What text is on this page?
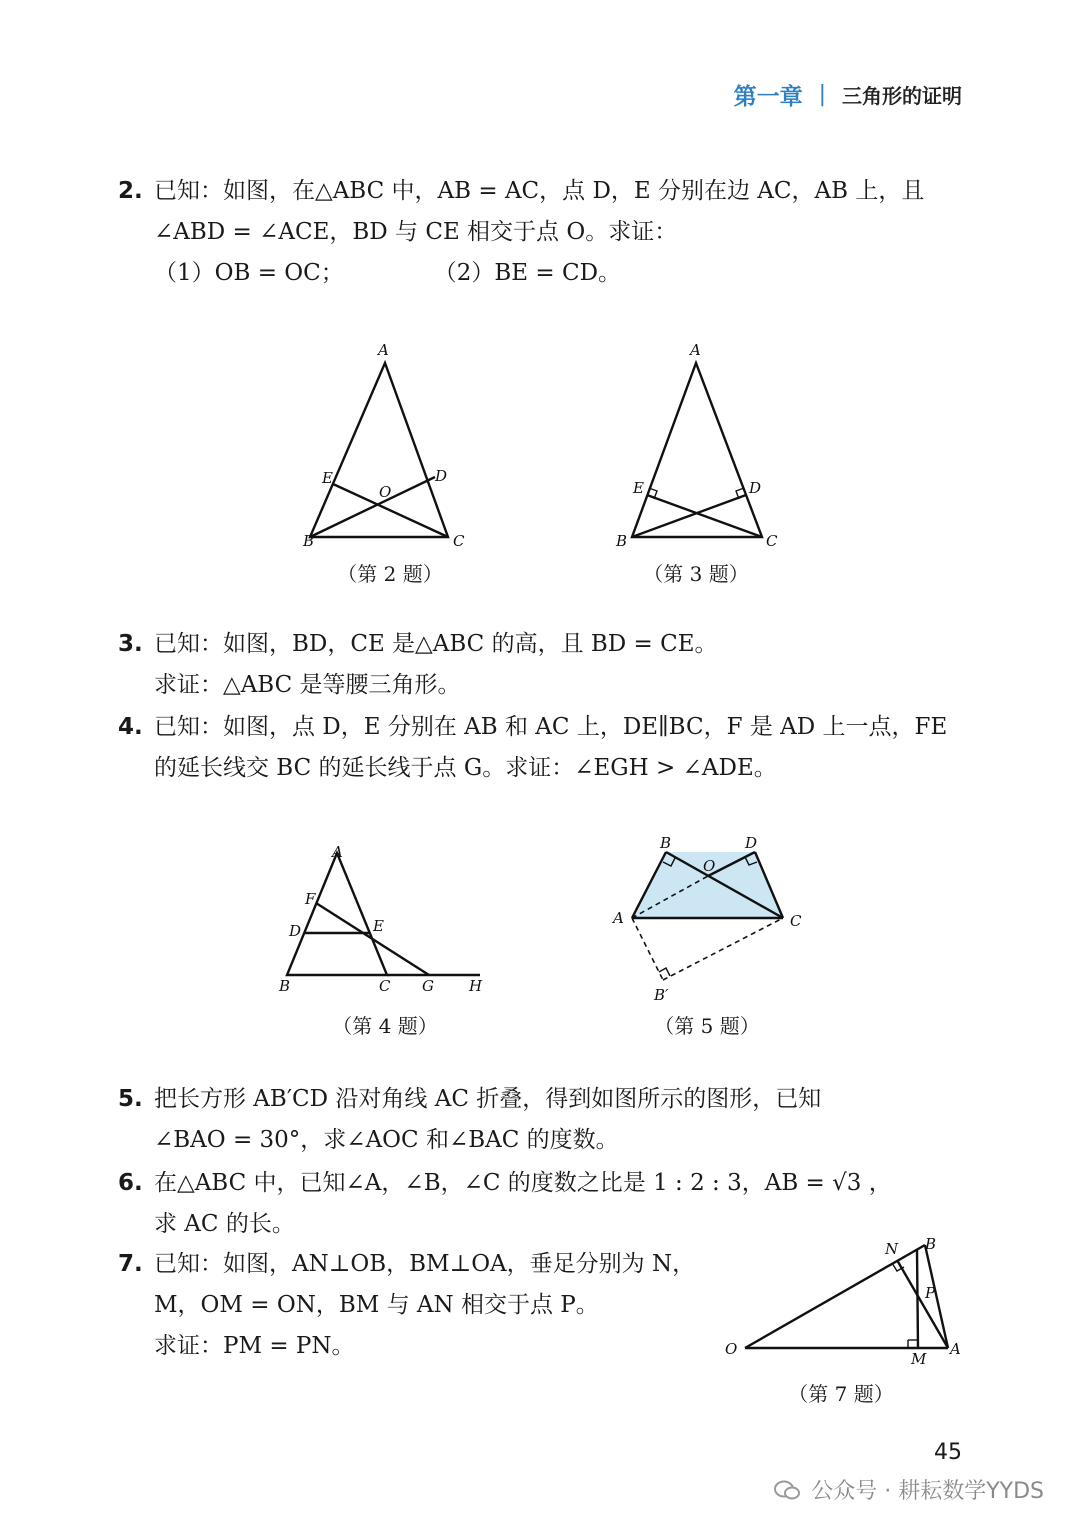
第一章 | 三角形的证明
2. 已知：如图，在△ABC 中，AB = AC，点 D，E 分别在边 AC，AB 上，且
∠ABD = ∠ACE，BD 与 CE 相交于点 O。求证：
（1）OB = OC；	（2）BE = CD。
A
B	C
D
E
O
（第 2 题）
E	D
A
B	C
（第 3 题）
3. 已知：如图，BD，CE 是△ABC 的高，且 BD = CE。
求证：△ABC 是等腰三角形。
4. 已知：如图，点 D，E 分别在 AB 和 AC 上，DE∥BC，F 是 AD 上一点，FE
的延长线交 BC 的延长线于点 G。求证：∠EGH > ∠ADE。
A
F
D	E
B	C G H
（第 4 题）
B	D
O
A	C
B′
（第 5 题）
5. 把长方形 AB′CD 沿对角线 AC 折叠，得到如图所示的图形，已知
∠BAO = 30°，求∠AOC 和∠BAC 的度数。
6. 在△ABC 中，已知∠A，∠B，∠C 的度数之比是 1 : 2 : 3，AB = √3 ，
求 AC 的长。
7. 已知：如图，AN⊥OB，BM⊥OA，垂足分别为 N，
M，OM = ON，BM 与 AN 相交于点 P。
求证：PM = PN。	O	A
B
N
P
M
（第 7 题）
45
公众号 · 耕耘数学YYDS
